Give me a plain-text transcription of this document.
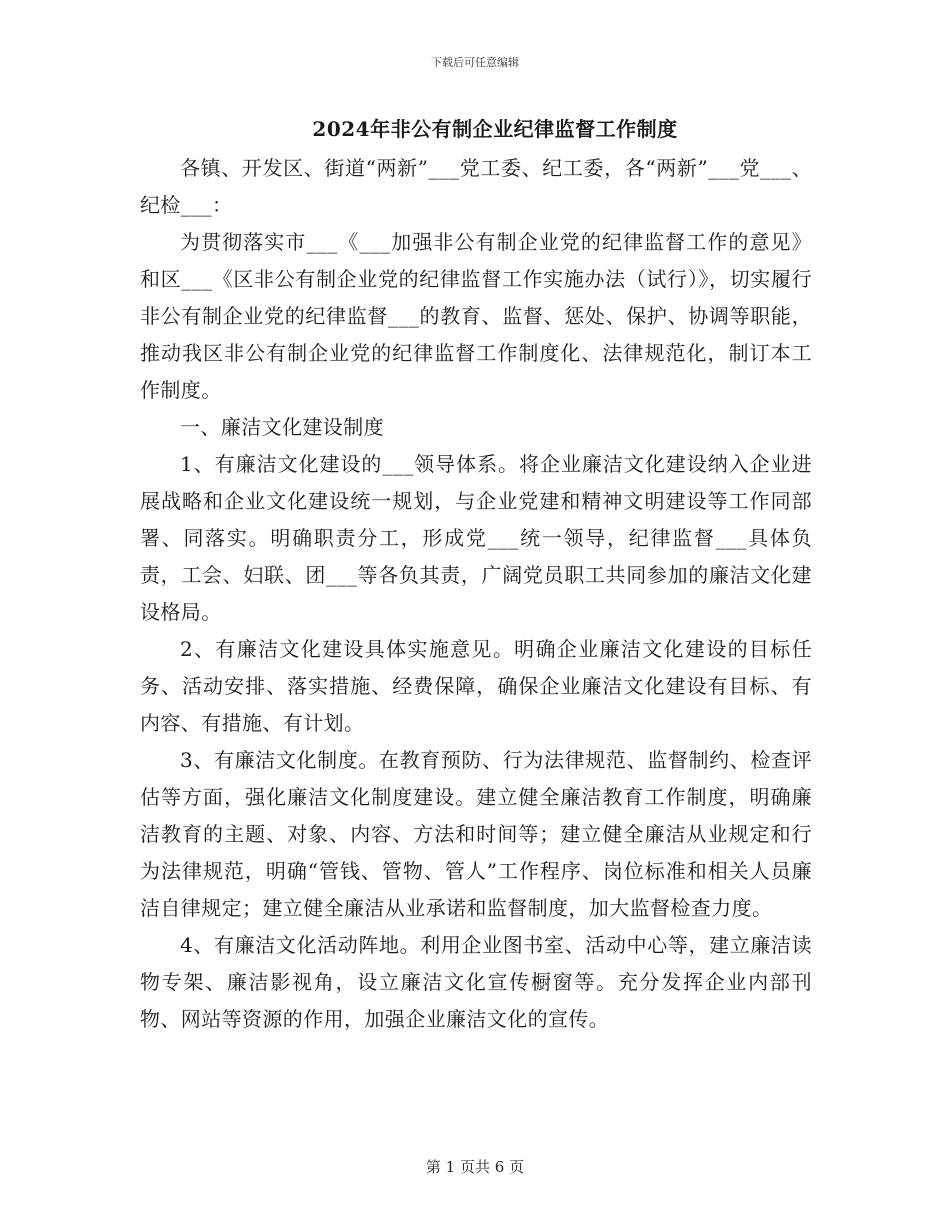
下载后可任意编辑
2024年非公有制企业纪律监督工作制度

各镇、开发区、街道“两新”___党工委、纪工委，各“两新”___党___、纪检___：

为贯彻落实市___《___加强非公有制企业党的纪律监督工作的意见》和区___《区非公有制企业党的纪律监督工作实施办法（试行）》，切实履行非公有制企业党的纪律监督___的教育、监督、惩处、保护、协调等职能，推动我区非公有制企业党的纪律监督工作制度化、法律规范化，制订本工作制度。

一、廉洁文化建设制度

1、有廉洁文化建设的___领导体系。将企业廉洁文化建设纳入企业进展战略和企业文化建设统一规划，与企业党建和精神文明建设等工作同部署、同落实。明确职责分工，形成党___统一领导，纪律监督___具体负责，工会、妇联、团___等各负其责，广阔党员职工共同参加的廉洁文化建设格局。

2、有廉洁文化建设具体实施意见。明确企业廉洁文化建设的目标任务、活动安排、落实措施、经费保障，确保企业廉洁文化建设有目标、有内容、有措施、有计划。

3、有廉洁文化制度。在教育预防、行为法律规范、监督制约、检查评估等方面，强化廉洁文化制度建设。建立健全廉洁教育工作制度，明确廉洁教育的主题、对象、内容、方法和时间等；建立健全廉洁从业规定和行为法律规范，明确“管钱、管物、管人”工作程序、岗位标准和相关人员廉洁自律规定；建立健全廉洁从业承诺和监督制度，加大监督检查力度。

4、有廉洁文化活动阵地。利用企业图书室、活动中心等，建立廉洁读物专架、廉洁影视角，设立廉洁文化宣传橱窗等。充分发挥企业内部刊物、网站等资源的作用，加强企业廉洁文化的宣传。

第 1 页共 6 页
